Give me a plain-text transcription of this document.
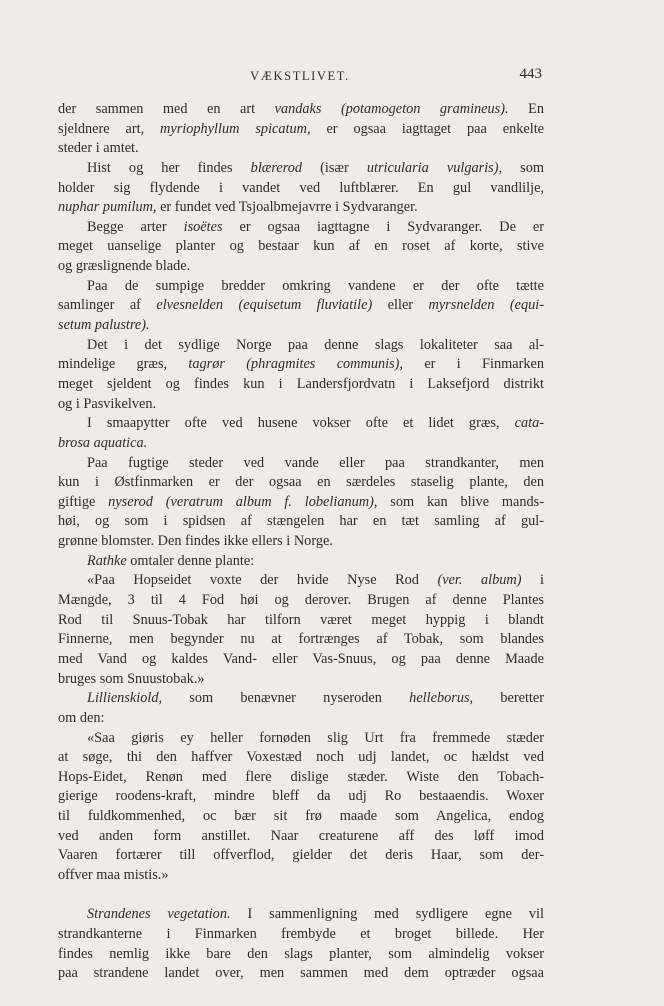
VÆKSTLIVET.	443
der sammen med en art vandaks (potamogeton gramineus). En
sjeldnere art, myriophyllum spicatum, er ogsaa iagttaget paa enkelte
steder i amtet.
Hist og her findes blærerod (især utricularia vulgaris), som
holder sig flydende i vandet ved luftblærer. En gul vandlilje,
nuphar pumilum, er fundet ved Tsjoalbmejavrre i Sydvaranger.
Begge arter isoëtes er ogsaa iagttagne i Sydvaranger. De er
meget uanselige planter og bestaar kun af en roset af korte, stive
og græslignende blade.
Paa de sumpige bredder omkring vandene er der ofte tætte
samlinger af elvesnelden (equisetum fluviatile) eller myrsnelden (equi-
setum palustre).
Det i det sydlige Norge paa denne slags lokaliteter saa al-
mindelige græs, tagrør (phragmites communis), er i Finmarken
meget sjeldent og findes kun i Landersfjordvatn i Laksefjord distrikt
og i Pasvikelven.
I smaapytter ofte ved husene vokser ofte et lidet græs, cata-
brosa aquatica.
Paa fugtige steder ved vande eller paa strandkanter, men
kun i Østfinmarken er der ogsaa en særdeles staselig plante, den
giftige nyserod (veratrum album f. lobelianum), som kan blive mands-
høi, og som i spidsen af stængelen har en tæt samling af gul-
grønne blomster. Den findes ikke ellers i Norge.
Rathke omtaler denne plante:
«Paa Hopseidet voxte der hvide Nyse Rod (ver. album) i
Mængde, 3 til 4 Fod høi og derover. Brugen af denne Plantes
Rod til Snuus-Tobak har tilforn været meget hyppig i blandt
Finnerne, men begynder nu at fortrænges af Tobak, som blandes
med Vand og kaldes Vand- eller Vas-Snuus, og paa denne Maade
bruges som Snuustobak.»
Lillienskiold, som benævner nyseroden helleborus, beretter
om den:
«Saa giøris ey heller fornøden slig Urt fra fremmede stæder
at søge, thi den haffver Voxestæd noch udj landet, oc hældst ved
Hops-Eidet, Renøn med flere dislige stæder. Wiste den Tobach-
gierige roodens-kraft, mindre bleff da udj Ro bestaaendis. Woxer
til fuldkommenhed, oc bær sit frø maade som Angelica, endog
ved anden form anstillet. Naar creaturene aff des løff imod
Vaaren fortærer till offverflod, gielder det deris Haar, som der-
offver maa mistis.»
Strandenes vegetation. I sammenligning med sydligere egne vil
strandkanterne i Finmarken frembyde et broget billede. Her
findes nemlig ikke bare den slags planter, som almindelig vokser
paa strandene landet over, men sammen med dem optræder ogsaa
